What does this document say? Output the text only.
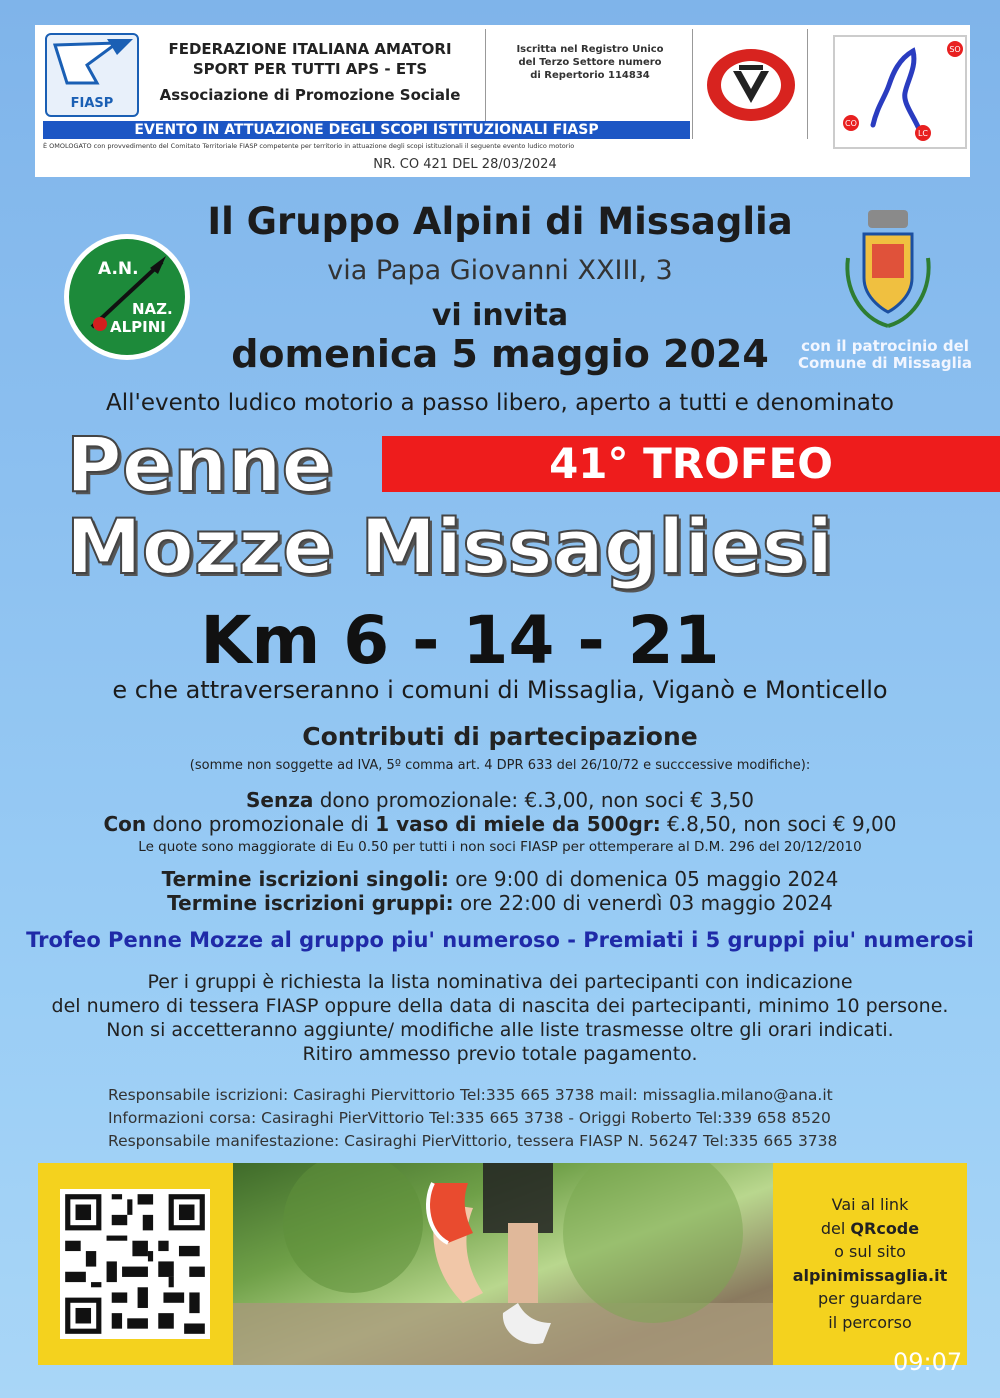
FIASP
FEDERAZIONE ITALIANA AMATORI
SPORT PER TUTTI APS - ETS
Associazione di Promozione Sociale
Iscritta nel Registro Unico
del Terzo Settore numero
di Repertorio 114834
EVENTO IN ATTUAZIONE DEGLI SCOPI ISTITUZIONALI FIASP
È OMOLOGATO con provvedimento del Comitato Territoriale FIASP competente per territorio in attuazione degli scopi istituzionali il seguente evento ludico motorio
NR. CO 421 DEL 28/03/2024
SO
CO
LC
A.N.
NAZ.
ALPINI
Il Gruppo Alpini di Missaglia
via Papa Giovanni XXIII, 3
vi invita
domenica 5 maggio 2024	con il patrocinio del
Comune di Missaglia
All'evento ludico motorio a passo libero, aperto a tutti e denominato
41° TROFEO
Penne
Mozze Missagliesi
Km 6 - 14 - 21
e che attraverseranno i comuni di Missaglia, Viganò e Monticello
Contributi di partecipazione
(somme non soggette ad IVA, 5º comma art. 4 DPR 633 del 26/10/72 e succcessive modifiche):
Senza dono promozionale: €.3,00, non soci € 3,50
Con dono promozionale di 1 vaso di miele da 500gr: €.8,50, non soci € 9,00
Le quote sono maggiorate di Eu 0.50 per tutti i non soci FIASP per ottemperare al D.M. 296 del 20/12/2010
Termine iscrizioni singoli: ore 9:00 di domenica 05 maggio 2024
Termine iscrizioni gruppi: ore 22:00 di venerdì 03 maggio 2024
Trofeo Penne Mozze al gruppo piu' numeroso - Premiati i 5 gruppi piu' numerosi
Per i gruppi è richiesta la lista nominativa dei partecipanti con indicazione
del numero di tessera FIASP oppure della data di nascita dei partecipanti, minimo 10 persone.
Non si accetteranno aggiunte/ modifiche alle liste trasmesse oltre gli orari indicati.
Ritiro ammesso previo totale pagamento.
Responsabile iscrizioni: Casiraghi Piervittorio Tel:335 665 3738 mail: missaglia.milano@ana.it
Informazioni corsa: Casiraghi PierVittorio Tel:335 665 3738 - Origgi Roberto Tel:339 658 8520
Responsabile manifestazione: Casiraghi PierVittorio, tessera FIASP N. 56247 Tel:335 665 3738
Vai al link
del QRcode
o sul sito
alpinimissaglia.it
per guardare
il percorso
09:07
